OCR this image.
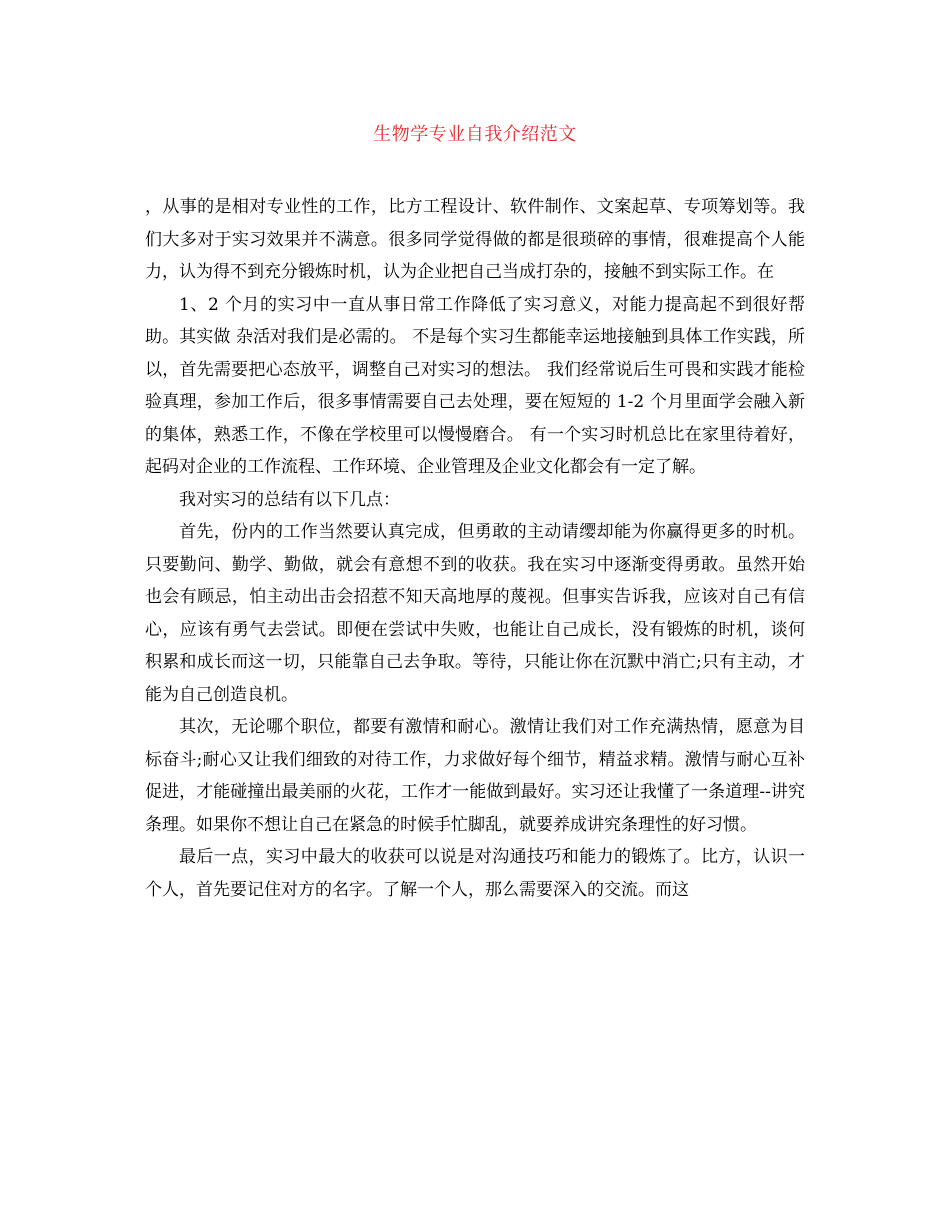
生物学专业自我介绍范文

，从事的是相对专业性的工作，比方工程设计、软件制作、文案起草、专项筹划等。我们大多对于实习效果并不满意。很多同学觉得做的都是很琐碎的事情，很难提高个人能力，认为得不到充分锻炼时机，认为企业把自己当成打杂的，接触不到实际工作。在

1、2 个月的实习中一直从事日常工作降低了实习意义，对能力提高起不到很好帮助。其实做 杂活对我们是必需的。 不是每个实习生都能幸运地接触到具体工作实践，所以，首先需要把心态放平，调整自己对实习的想法。 我们经常说后生可畏和实践才能检验真理，参加工作后，很多事情需要自己去处理，要在短短的 1-2 个月里面学会融入新的集体，熟悉工作，不像在学校里可以慢慢磨合。 有一个实习时机总比在家里待着好，起码对企业的工作流程、工作环境、企业管理及企业文化都会有一定了解。

我对实习的总结有以下几点：

首先，份内的工作当然要认真完成，但勇敢的主动请缨却能为你赢得更多的时机。只要勤问、勤学、勤做，就会有意想不到的收获。我在实习中逐渐变得勇敢。虽然开始也会有顾忌，怕主动出击会招惹不知天高地厚的蔑视。但事实告诉我，应该对自己有信心，应该有勇气去尝试。即便在尝试中失败，也能让自己成长，没有锻炼的时机，谈何积累和成长而这一切，只能靠自己去争取。等待，只能让你在沉默中消亡;只有主动，才能为自己创造良机。

其次，无论哪个职位，都要有激情和耐心。激情让我们对工作充满热情，愿意为目标奋斗;耐心又让我们细致的对待工作，力求做好每个细节，精益求精。激情与耐心互补促进，才能碰撞出最美丽的火花，工作才一能做到最好。实习还让我懂了一条道理--讲究条理。如果你不想让自己在紧急的时候手忙脚乱，就要养成讲究条理性的好习惯。

最后一点，实习中最大的收获可以说是对沟通技巧和能力的锻炼了。比方，认识一个人，首先要记住对方的名字。了解一个人，那么需要深入的交流。而这
